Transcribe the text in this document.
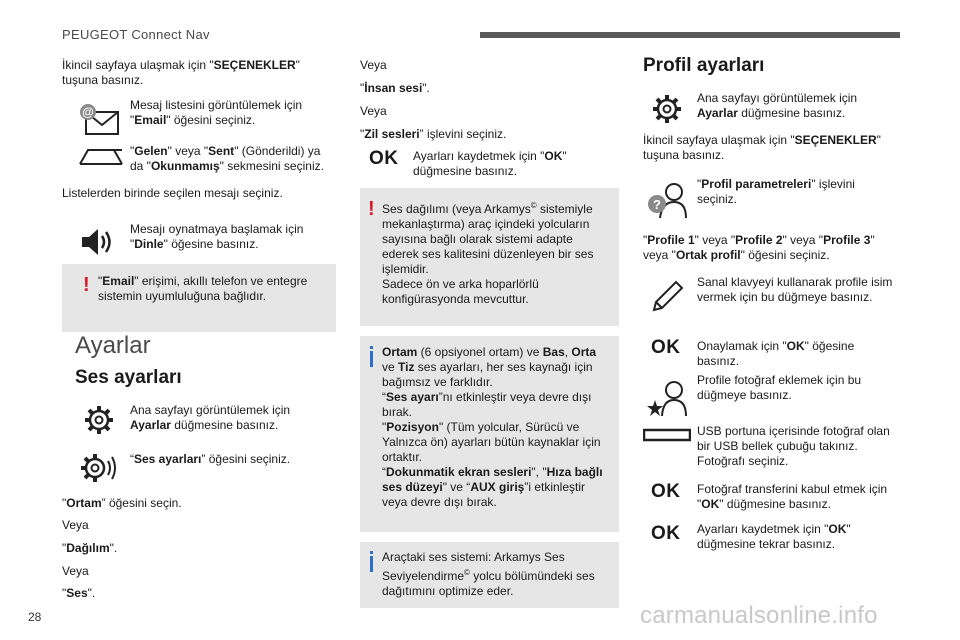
PEUGEOT Connect Nav
28	carmanualsonline.info
İkincil sayfaya ulaşmak için "SEÇENEKLER"
tuşuna basınız.
@	Mesaj listesini görüntülemek için
"Email" öğesini seçiniz.
"Gelen" veya "Sent" (Gönderildi) ya
da "Okunmamış" sekmesini seçiniz.
Listelerden birinde seçilen mesajı seçiniz.
Mesajı oynatmaya başlamak için
"Dinle" öğesine basınız.
! "Email" erişimi, akıllı telefon ve entegre
sistemin uyumluluğuna bağlıdır.
Ayarlar
Ses ayarları
Ana sayfayı görüntülemek için
Ayarlar düğmesine basınız.
“Ses ayarları” öğesini seçiniz.
"Ortam” öğesini seçin.
Veya
"Dağılım".
Veya
"Ses".
Veya
"İnsan sesi".
Veya
"Zil sesleri” işlevini seçiniz.
OK Ayarları kaydetmek için "OK"
düğmesine basınız.
! Ses dağılımı (veya Arkamys© sistemiyle
mekanlaştırma) araç içindeki yolcuların
sayısına bağlı olarak sistemi adapte
ederek ses kalitesini düzenleyen bir ses
işlemidir.
Sadece ön ve arka hoparlörlü
konfigürasyonda mevcuttur.
Ortam (6 opsiyonel ortam) ve Bas, Orta
ve Tiz ses ayarları, her ses kaynağı için
bağımsız ve farklıdır.
“Ses ayarı”nı etkinleştir veya devre dışı
bırak.
"Pozisyon" (Tüm yolcular, Sürücü ve
Yalnızca ön) ayarları bütün kaynaklar için
ortaktır.
“Dokunmatik ekran sesleri", "Hıza bağlı
ses düzeyi" ve “AUX giriş”i etkinleştir
veya devre dışı bırak.
Araçtaki ses sistemi: Arkamys Ses
Seviyelendirme© yolcu bölümündeki ses
dağıtımını optimize eder.
Profil ayarları
Ana sayfayı görüntülemek için
Ayarlar düğmesine basınız.
İkincil sayfaya ulaşmak için "SEÇENEKLER"
tuşuna basınız.
?
"Profil parametreleri" işlevini
seçiniz.
"Profile 1" veya "Profile 2" veya "Profile 3"
veya "Ortak profil" öğesini seçiniz.
Sanal klavyeyi kullanarak profile isim
vermek için bu düğmeye basınız.
OK Onaylamak için "OK" öğesine
basınız.
Profile fotoğraf eklemek için bu
düğmeye basınız.
USB portuna içerisinde fotoğraf olan
bir USB bellek çubuğu takınız.
Fotoğrafı seçiniz.
OK Fotoğraf transferini kabul etmek için
"OK" düğmesine basınız.
OK Ayarları kaydetmek için "OK"
düğmesine tekrar basınız.
